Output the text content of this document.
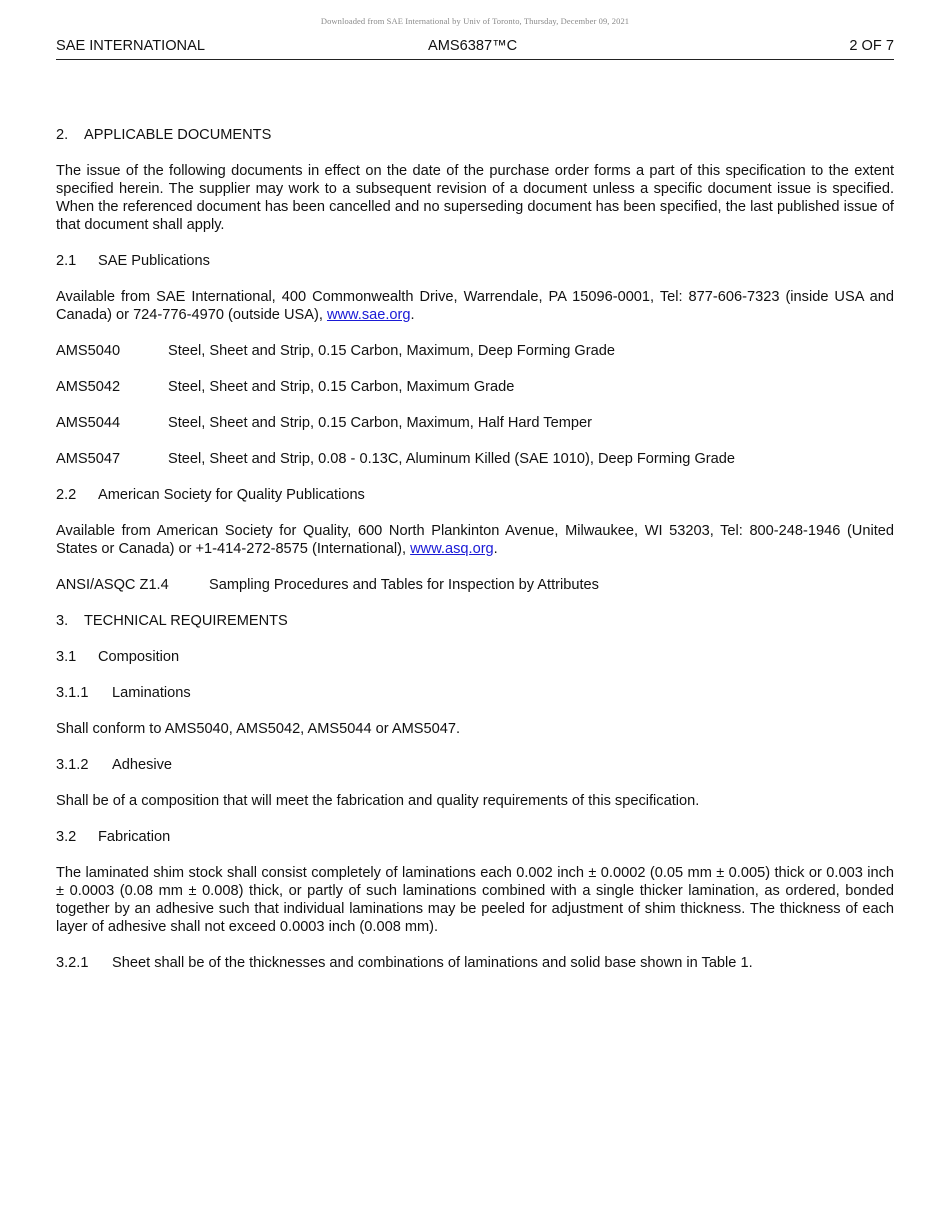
Downloaded from SAE International by Univ of Toronto, Thursday, December 09, 2021
SAE INTERNATIONAL	AMS6387™C	2 OF 7
2. APPLICABLE DOCUMENTS

The issue of the following documents in effect on the date of the purchase order forms a part of this specification to the extent specified herein. The supplier may work to a subsequent revision of a document unless a specific document issue is specified. When the referenced document has been cancelled and no superseding document has been specified, the last published issue of that document shall apply.

2.1 SAE Publications

Available from SAE International, 400 Commonwealth Drive, Warrendale, PA 15096-0001, Tel: 877-606-7323 (inside USA and Canada) or 724-776-4970 (outside USA), www.sae.org.

AMS5040	Steel, Sheet and Strip, 0.15 Carbon, Maximum, Deep Forming Grade
AMS5042	Steel, Sheet and Strip, 0.15 Carbon, Maximum Grade
AMS5044	Steel, Sheet and Strip, 0.15 Carbon, Maximum, Half Hard Temper
AMS5047	Steel, Sheet and Strip, 0.08 - 0.13C, Aluminum Killed (SAE 1010), Deep Forming Grade
2.2 American Society for Quality Publications

Available from American Society for Quality, 600 North Plankinton Avenue, Milwaukee, WI 53203, Tel: 800-248-1946 (United States or Canada) or +1-414-272-8575 (International), www.asq.org.

ANSI/ASQC Z1.4	Sampling Procedures and Tables for Inspection by Attributes
3. TECHNICAL REQUIREMENTS
3.1 Composition
3.1.1 Laminations

Shall conform to AMS5040, AMS5042, AMS5044 or AMS5047.

3.1.2 Adhesive

Shall be of a composition that will meet the fabrication and quality requirements of this specification.

3.2 Fabrication

The laminated shim stock shall consist completely of laminations each 0.002 inch ± 0.0002 (0.05 mm ± 0.005) thick or 0.003 inch ± 0.0003 (0.08 mm ± 0.008) thick, or partly of such laminations combined with a single thicker lamination, as ordered, bonded together by an adhesive such that individual laminations may be peeled for adjustment of shim thickness. The thickness of each layer of adhesive shall not exceed 0.0003 inch (0.008 mm).

3.2.1 Sheet shall be of the thicknesses and combinations of laminations and solid base shown in Table 1.
